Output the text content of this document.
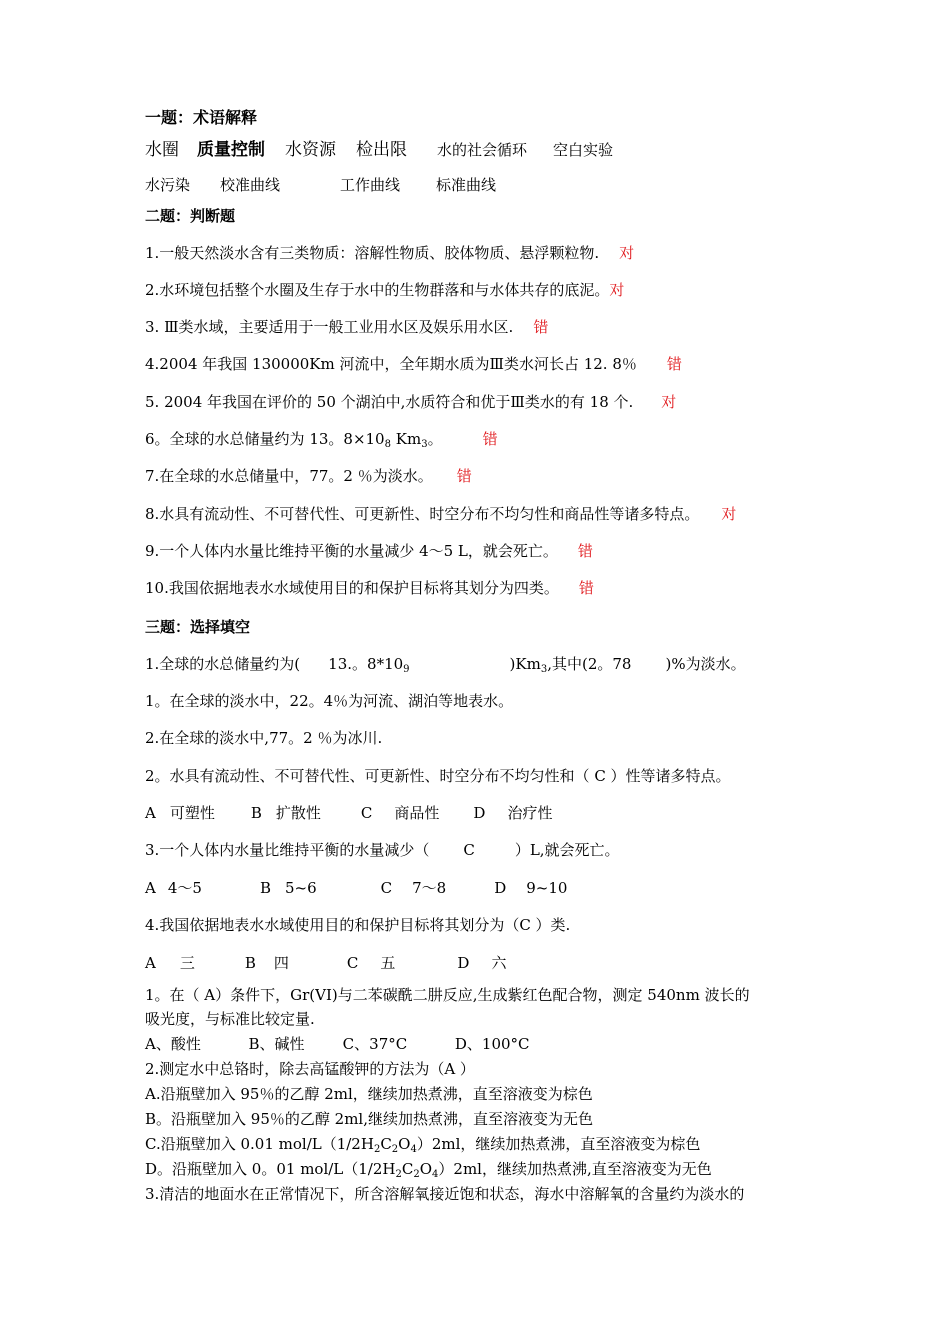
一题：术语解释
水圈 质量控制 水资源 检出限 水的社会循环 空白实验
水污染 校准曲线	工作曲线 标准曲线
二题：判断题
1.一般天然淡水含有三类物质：溶解性物质、胶体物质、悬浮颗粒物. 对
2.水环境包括整个水圈及生存于水中的生物群落和与水体共存的底泥。对
3. Ⅲ类水域，主要适用于一般工业用水区及娱乐用水区. 错
4.2004 年我国 130000Km 河流中，全年期水质为Ⅲ类水河长占 12. 8％ 错
5. 2004 年我国在评价的 50 个湖泊中,水质符合和优于Ⅲ类水的有 18 个. 对
6。全球的水总储量约为 13。$8\times 10_8$ $Km_3$。	错
7.在全球的水总储量中，77。2 ％为淡水。 错
8.水具有流动性、不可替代性、可更新性、时空分布不均匀性和商品性等诸多特点。 对
9.一个人体内水量比维持平衡的水量减少 4～5 L，就会死亡。 错
10.我国依据地表水水域使用目的和保护目标将其划分为四类。 错
三题：选择填空
1.全球的水总储量约为( 13.。$8*10_9$	)$Km_3$,其中(2。78 )%为淡水。
1。在全球的淡水中，22。4％为河流、湖泊等地表水。
2.在全球的淡水中,77。2 ％为冰川.
2。水具有流动性、不可替代性、可更新性、时空分布不均匀性和（ C ）性等诸多特点。
A 可塑性 B 扩散性	C 商品性 D 治疗性
3.一个人体内水量比维持平衡的水量减少（ C	）L,就会死亡。
A 4～5	B 5~6	C 7～8	D 9~10
4.我国依据地表水水域使用目的和保护目标将其划分为（C ）类.
A 三	B 四	C 五	D 六
1。在（ A）条件下，Gr(VI)与二苯碳酰二肼反应,生成紫红色配合物，测定 540nm 波长的
吸光度，与标准比较定量.
A、酸性          B、碱性        C、37°C          D、100°C
2.测定水中总铬时，除去高锰酸钾的方法为（A ）
A.沿瓶壁加入 95％的乙醇 2ml，继续加热煮沸，直至溶液变为棕色
B。沿瓶壁加入 95％的乙醇 2ml,继续加热煮沸，直至溶液变为无色
C.沿瓶壁加入 0.01 mol/$L(1/2H_2C_2O_4)2ml$，继续加热煮沸，直至溶液变为棕色
D。沿瓶壁加入 0。01 mol/$L(1/2H_2C_2O_4)2ml$，继续加热煮沸,直至溶液变为无色
3.清洁的地面水在正常情况下，所含溶解氧接近饱和状态，海水中溶解氧的含量约为淡水的
